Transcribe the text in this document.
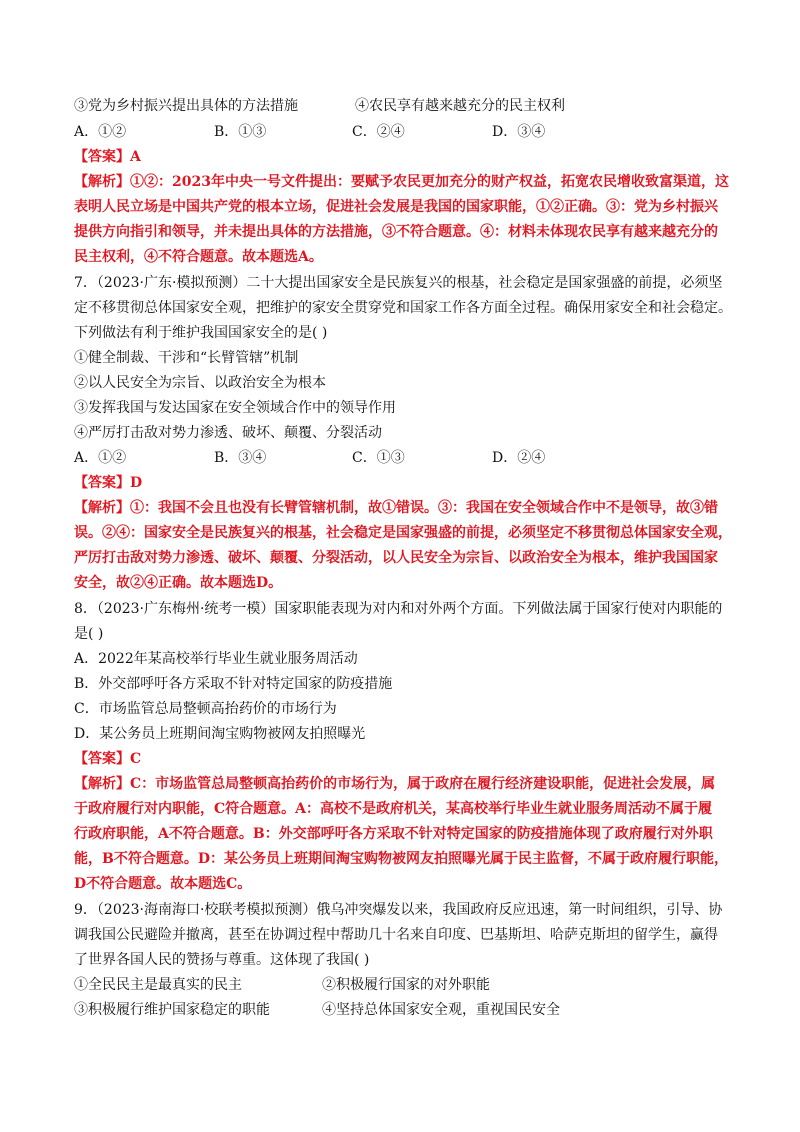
③党为乡村振兴提出具体的方法措施	④农民享有越来越充分的民主权利
A．①②	B．①③	C．②④	D．③④
【答案】A
【解析】①②：2023年中央一号文件提出：要赋予农民更加充分的财产权益，拓宽农民增收致富渠道，这
表明人民立场是中国共产党的根本立场，促进社会发展是我国的国家职能，①②正确。③：党为乡村振兴
提供方向指引和领导，并未提出具体的方法措施，③不符合题意。④：材料未体现农民享有越来越充分的
民主权利，④不符合题意。故本题选A。
7．（2023·广东·模拟预测）二十大提出国家安全是民族复兴的根基，社会稳定是国家强盛的前提，必须坚
定不移贯彻总体国家安全观，把维护的家安全贯穿党和国家工作各方面全过程。确保用家安全和社会稳定。
下列做法有利于维护我国国家安全的是( )
①健全制裁、干涉和“长臂管辖”机制
②以人民安全为宗旨、以政治安全为根本
③发挥我国与发达国家在安全领域合作中的领导作用
④严厉打击敌对势力渗透、破坏、颠覆、分裂活动
A．①②	B．③④	C．①③	D．②④
【答案】D
【解析】①：我国不会且也没有长臂管辖机制，故①错误。③：我国在安全领域合作中不是领导，故③错
误。②④：国家安全是民族复兴的根基，社会稳定是国家强盛的前提，必须坚定不移贯彻总体国家安全观，
严厉打击敌对势力渗透、破坏、颠覆、分裂活动，以人民安全为宗旨、以政治安全为根本，维护我国国家
安全，故②④正确。故本题选D。
8．（2023·广东梅州·统考一模）国家职能表现为对内和对外两个方面。下列做法属于国家行使对内职能的
是( )
A．2022年某高校举行毕业生就业服务周活动
B．外交部呼吁各方采取不针对特定国家的防疫措施
C．市场监管总局整顿高抬药价的市场行为
D．某公务员上班期间淘宝购物被网友拍照曝光
【答案】C
【解析】C：市场监管总局整顿高抬药价的市场行为，属于政府在履行经济建设职能，促进社会发展，属
于政府履行对内职能，C符合题意。A：高校不是政府机关，某高校举行毕业生就业服务周活动不属于履
行政府职能，A不符合题意。B：外交部呼吁各方采取不针对特定国家的防疫措施体现了政府履行对外职
能，B不符合题意。D：某公务员上班期间淘宝购物被网友拍照曝光属于民主监督，不属于政府履行职能，
D不符合题意。故本题选C。
9．（2023·海南海口·校联考模拟预测）俄乌冲突爆发以来，我国政府反应迅速，第一时间组织，引导、协
调我国公民避险并撤离，甚至在协调过程中帮助几十名来自印度、巴基斯坦、哈萨克斯坦的留学生，赢得
了世界各国人民的赞扬与尊重。这体现了我国( )
①全民民主是最真实的民主	②积极履行国家的对外职能
③积极履行维护国家稳定的职能	④坚持总体国家安全观，重视国民安全
